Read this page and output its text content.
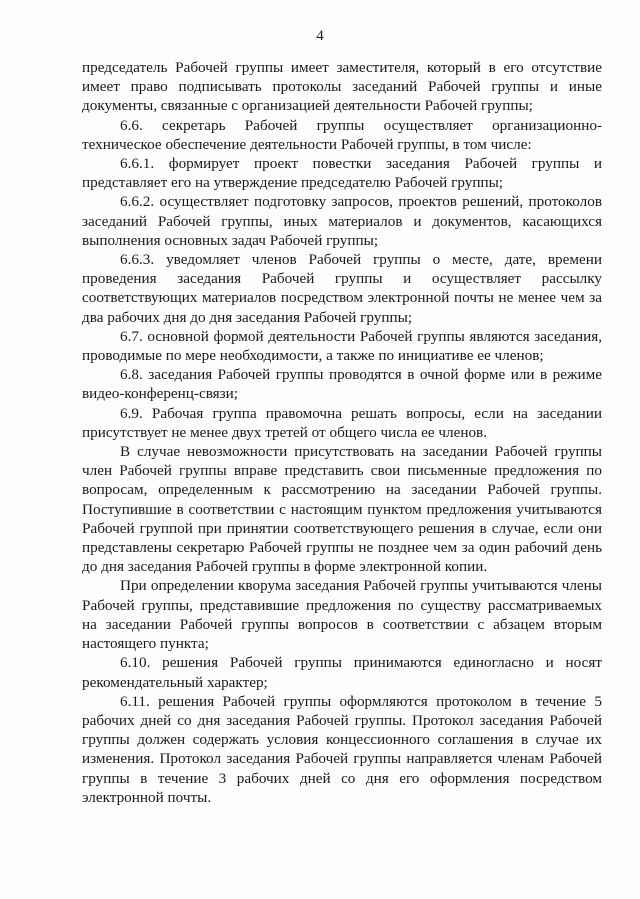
4

председатель Рабочей группы имеет заместителя, который в его отсутствие имеет право подписывать протоколы заседаний Рабочей группы и иные документы, связанные с организацией деятельности Рабочей группы;

6.6. секретарь Рабочей группы осуществляет организационно-техническое обеспечение деятельности Рабочей группы, в том числе:

6.6.1. формирует проект повестки заседания Рабочей группы и представляет его на утверждение председателю Рабочей группы;

6.6.2. осуществляет подготовку запросов, проектов решений, протоколов заседаний Рабочей группы, иных материалов и документов, касающихся выполнения основных задач Рабочей группы;

6.6.3. уведомляет членов Рабочей группы о месте, дате, времени проведения заседания Рабочей группы и осуществляет рассылку соответствующих материалов посредством электронной почты не менее чем за два рабочих дня до дня заседания Рабочей группы;

6.7. основной формой деятельности Рабочей группы являются заседания, проводимые по мере необходимости, а также по инициативе ее членов;

6.8. заседания Рабочей группы проводятся в очной форме или в режиме видео-конференц-связи;

6.9. Рабочая группа правомочна решать вопросы, если на заседании присутствует не менее двух третей от общего числа ее членов.

В случае невозможности присутствовать на заседании Рабочей группы член Рабочей группы вправе представить свои письменные предложения по вопросам, определенным к рассмотрению на заседании Рабочей группы. Поступившие в соответствии с настоящим пунктом предложения учитываются Рабочей группой при принятии соответствующего решения в случае, если они представлены секретарю Рабочей группы не позднее чем за один рабочий день до дня заседания Рабочей группы в форме электронной копии.

При определении кворума заседания Рабочей группы учитываются члены Рабочей группы, представившие предложения по существу рассматриваемых на заседании Рабочей группы вопросов в соответствии с абзацем вторым настоящего пункта;

6.10. решения Рабочей группы принимаются единогласно и носят рекомендательный характер;

6.11. решения Рабочей группы оформляются протоколом в течение 5 рабочих дней со дня заседания Рабочей группы. Протокол заседания Рабочей группы должен содержать условия концессионного соглашения в случае их изменения. Протокол заседания Рабочей группы направляется членам Рабочей группы в течение 3 рабочих дней со дня его оформления посредством электронной почты.
